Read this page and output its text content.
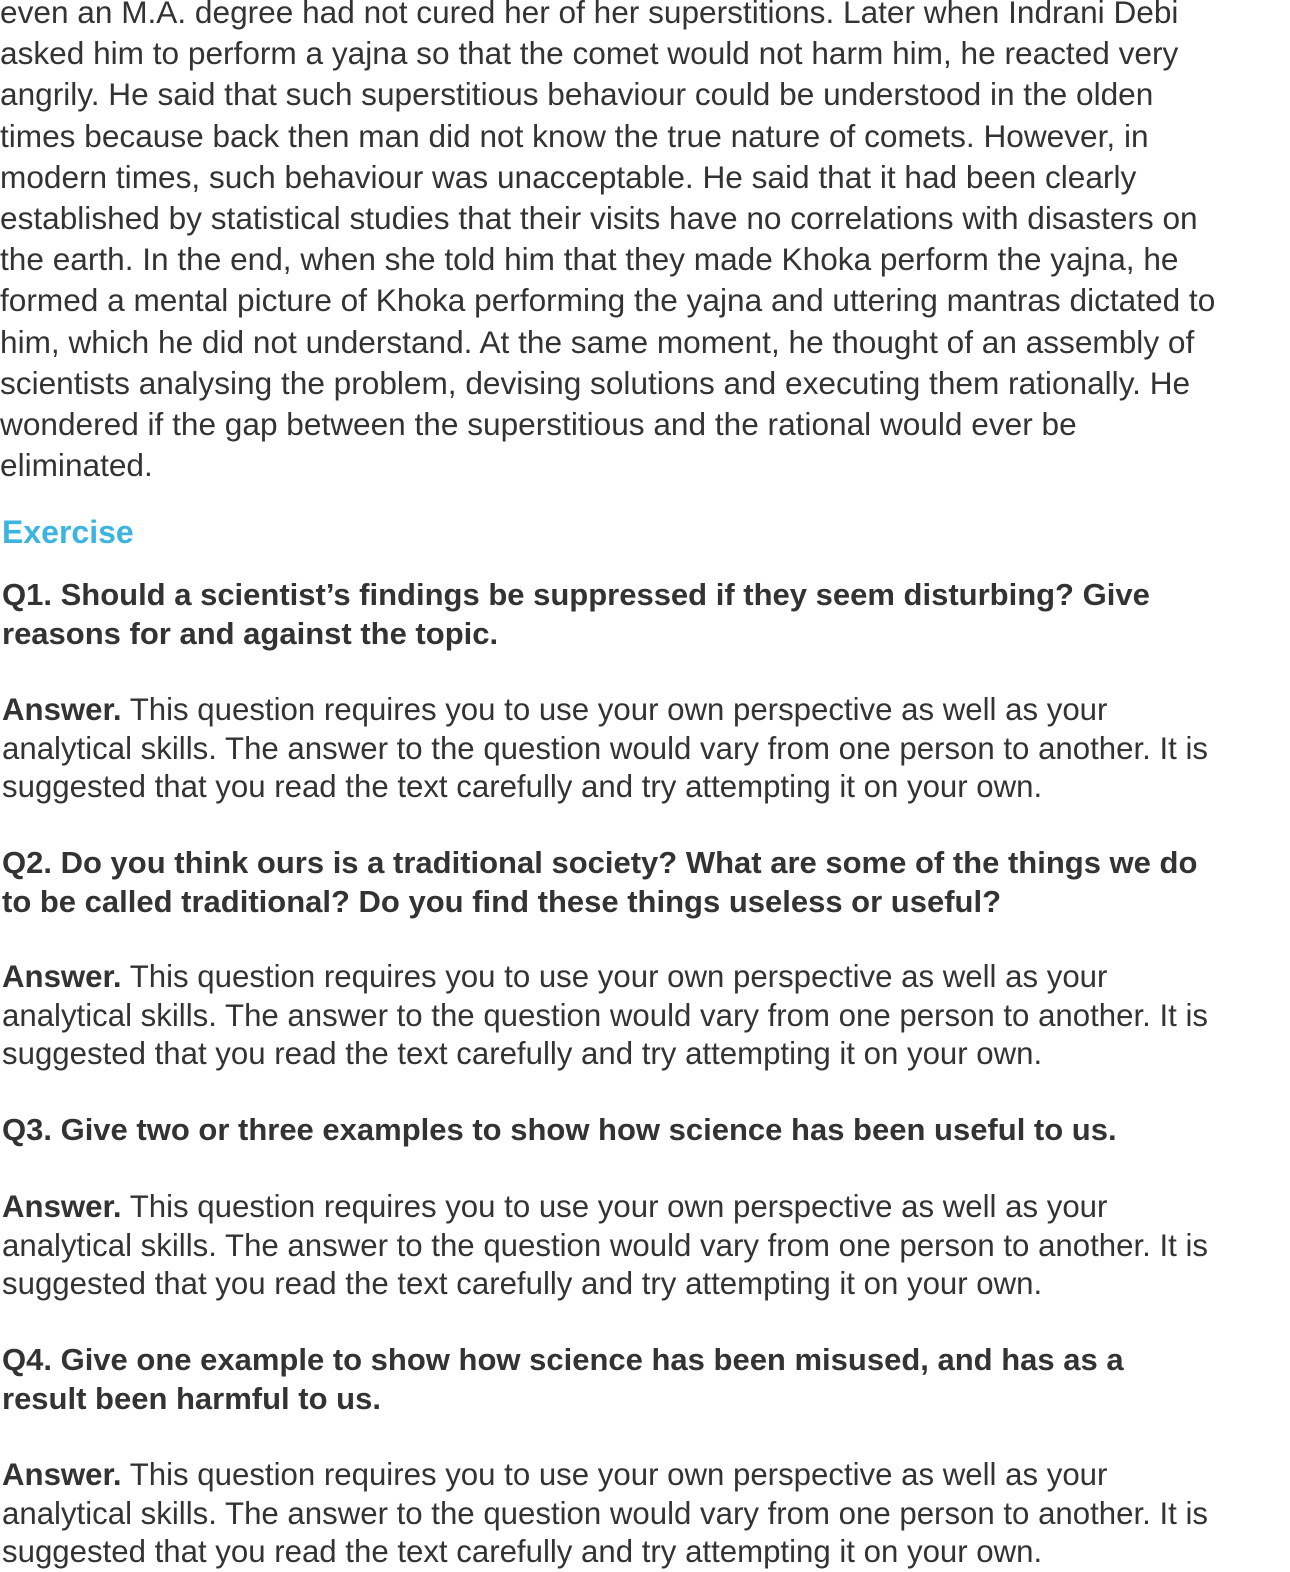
even an M.A. degree had not cured her of her superstitions. Later when Indrani Debi
asked him to perform a yajna so that the comet would not harm him, he reacted very
angrily. He said that such superstitious behaviour could be understood in the olden
times because back then man did not know the true nature of comets. However, in
modern times, such behaviour was unacceptable. He said that it had been clearly
established by statistical studies that their visits have no correlations with disasters on
the earth. In the end, when she told him that they made Khoka perform the yajna, he
formed a mental picture of Khoka performing the yajna and uttering mantras dictated to
him, which he did not understand. At the same moment, he thought of an assembly of
scientists analysing the problem, devising solutions and executing them rationally. He
wondered if the gap between the superstitious and the rational would ever be
eliminated.
Exercise
Q1. Should a scientist’s findings be suppressed if they seem disturbing? Give
reasons for and against the topic.
Answer. This question requires you to use your own perspective as well as your
analytical skills. The answer to the question would vary from one person to another. It is
suggested that you read the text carefully and try attempting it on your own.
Q2. Do you think ours is a traditional society? What are some of the things we do
to be called traditional? Do you find these things useless or useful?
Answer. This question requires you to use your own perspective as well as your
analytical skills. The answer to the question would vary from one person to another. It is
suggested that you read the text carefully and try attempting it on your own.
Q3. Give two or three examples to show how science has been useful to us.
Answer. This question requires you to use your own perspective as well as your
analytical skills. The answer to the question would vary from one person to another. It is
suggested that you read the text carefully and try attempting it on your own.
Q4. Give one example to show how science has been misused, and has as a
result been harmful to us.
Answer. This question requires you to use your own perspective as well as your
analytical skills. The answer to the question would vary from one person to another. It is
suggested that you read the text carefully and try attempting it on your own.
